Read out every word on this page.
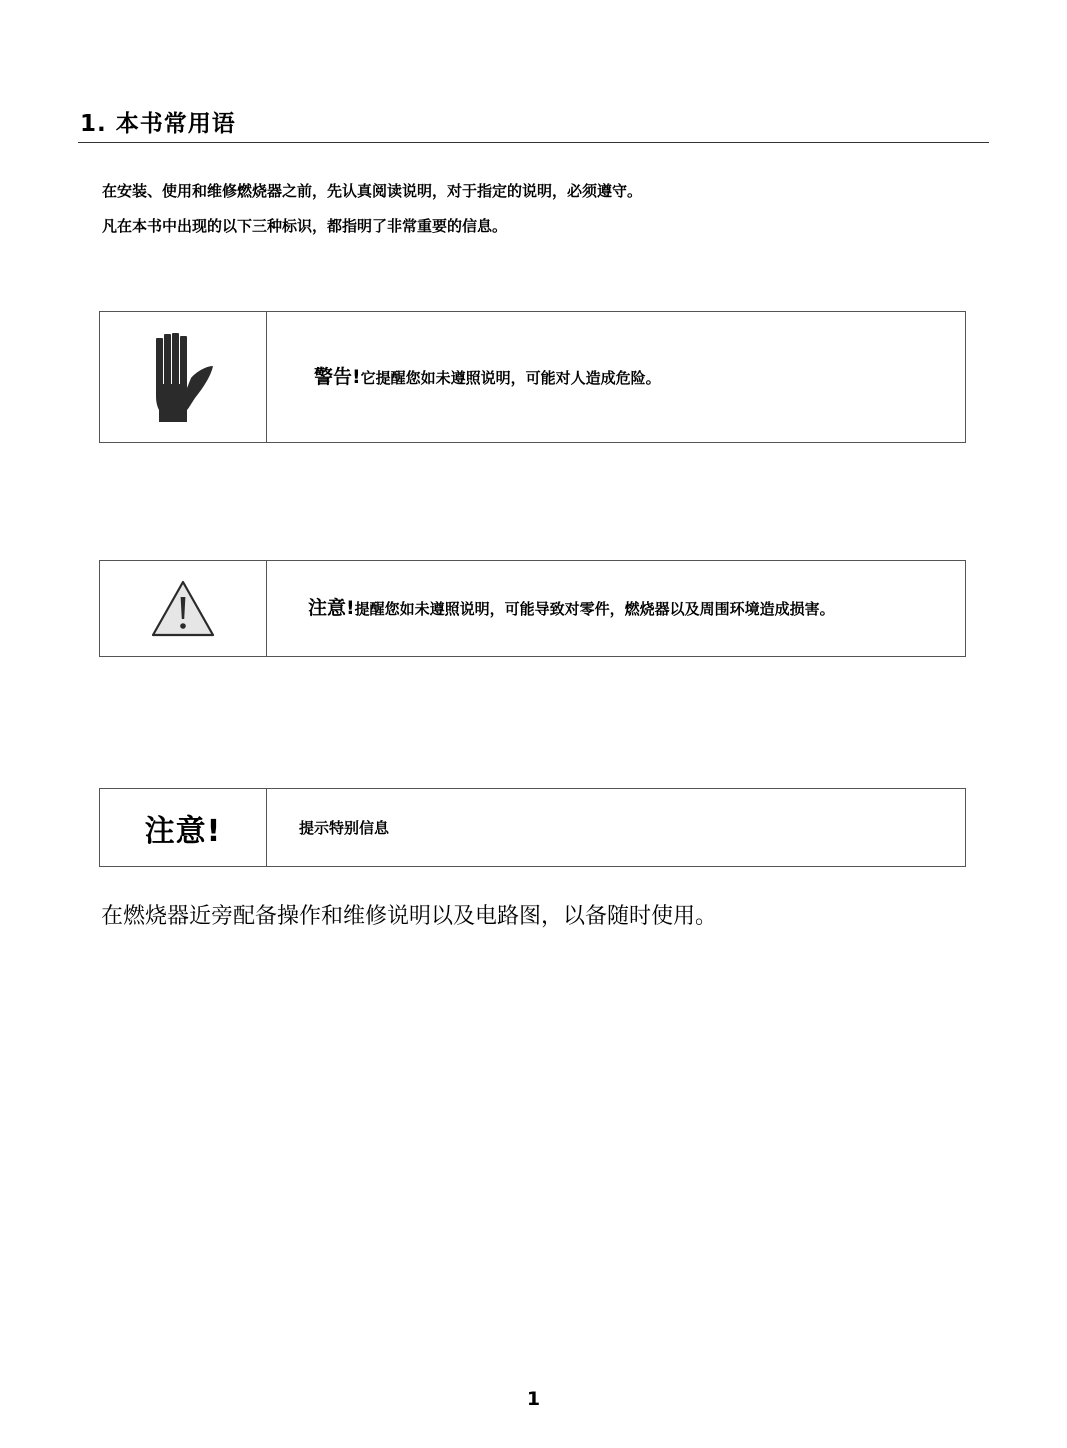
1. 本书常用语

在安装、使用和维修燃烧器之前，先认真阅读说明，对于指定的说明，必须遵守。

凡在本书中出现的以下三种标识，都指明了非常重要的信息。

警告!它提醒您如未遵照说明，可能对人造成危险。
注意!提醒您如未遵照说明，可能导致对零件，燃烧器以及周围环境造成损害。
注意!	提示特别信息

在燃烧器近旁配备操作和维修说明以及电路图，以备随时使用。

1
